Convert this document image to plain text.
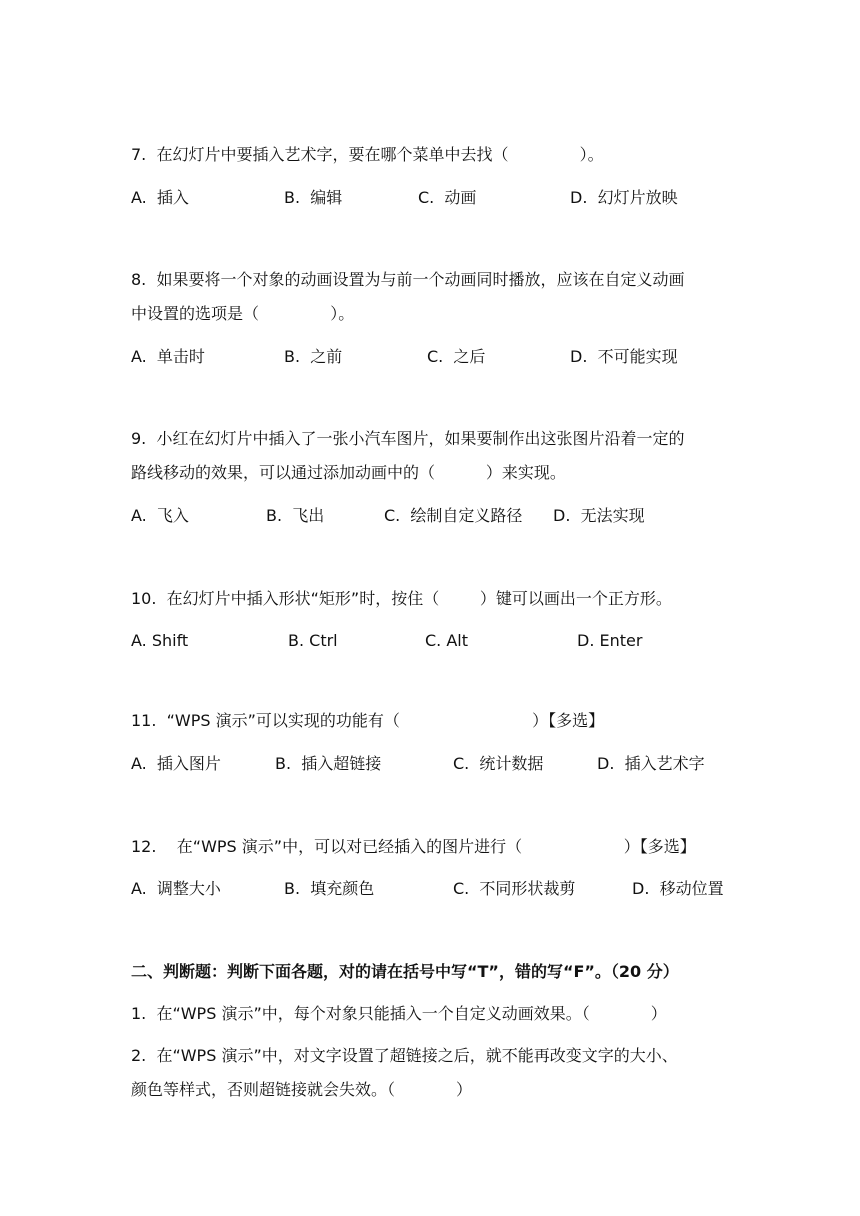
7.  在幻灯片中要插入艺术字，要在哪个菜单中去找（              ）。
A.  插入	B.  编辑	C.  动画	D.  幻灯片放映
8.  如果要将一个对象的动画设置为与前一个动画同时播放，应该在自定义动画
中设置的选项是（              ）。
A.  单击时	B.  之前	C.  之后	D.  不可能实现
9.  小红在幻灯片中插入了一张小汽车图片，如果要制作出这张图片沿着一定的
路线移动的效果，可以通过添加动画中的（          ）来实现。
A.  飞入	B.  飞出	C.  绘制自定义路径 D.  无法实现
10.  在幻灯片中插入形状“矩形”时，按住（        ）键可以画出一个正方形。
A. Shift	B. Ctrl	C. Alt	D. Enter
11.  “WPS 演示”可以实现的功能有（                          ）【多选】
A.  插入图片	B.  插入超链接	C.  统计数据	D.  插入艺术字
12.    在“WPS 演示”中，可以对已经插入的图片进行（                    ）【多选】
A.  调整大小	B.  填充颜色	C.  不同形状裁剪	D.  移动位置
二、判断题：判断下面各题，对的请在括号中写“T”，错的写“F”。（20 分）
1.  在“WPS 演示”中，每个对象只能插入一个自定义动画效果。（            ）
2.  在“WPS 演示”中，对文字设置了超链接之后，就不能再改变文字的大小、
颜色等样式，否则超链接就会失效。（            ）
